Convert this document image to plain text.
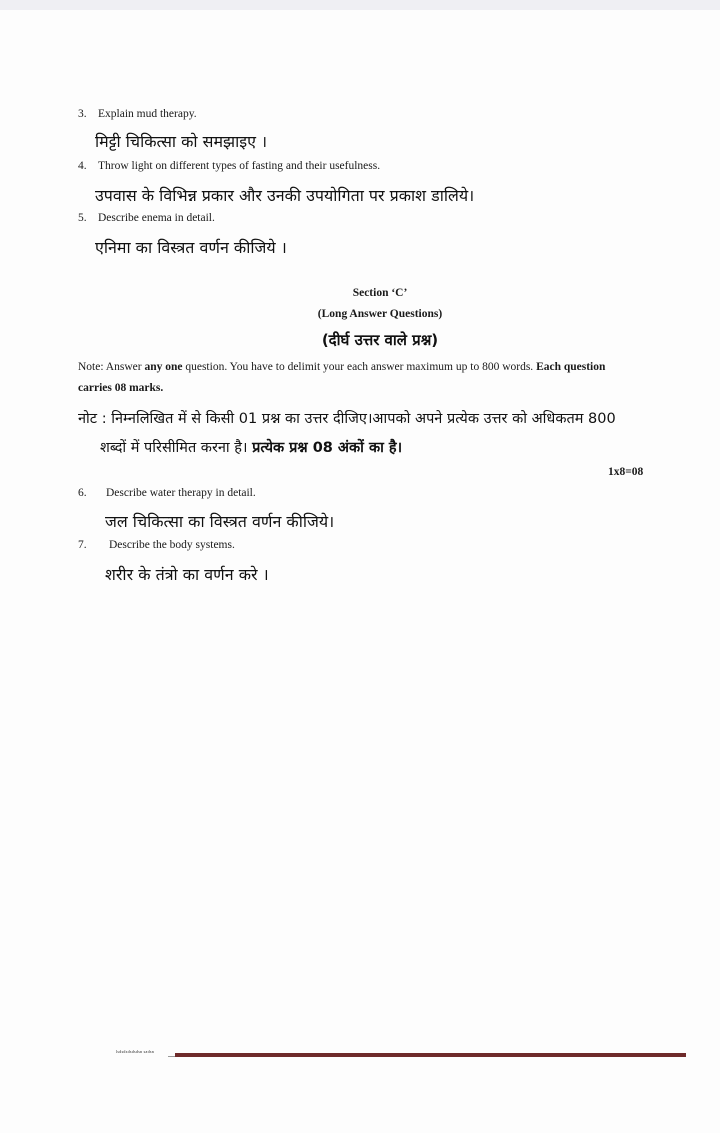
3. Explain mud therapy.
मिट्टी चिकित्सा को समझाइए ।
4. Throw light on different types of fasting and their usefulness.
उपवास के विभिन्न प्रकार और उनकी उपयोगिता पर प्रकाश डालिये।
5. Describe enema in detail.
एनिमा का विस्त्रत वर्णन कीजिये ।
Section ‘C’
(Long Answer Questions)
(दीर्घ उत्तर वाले प्रश्न)
Note: Answer any one question. You have to delimit your each answer maximum up to 800 words. Each question
carries 08 marks.
नोट : निम्नलिखित में से किसी 01 प्रश्न का उत्तर दीजिए।आपको अपने प्रत्येक उत्तर को अधिकतम 800
शब्दों में परिसीमित करना है। प्रत्येक प्रश्न 08 अंकों का है।
1x8=08
6. Describe water therapy in detail.
जल चिकित्सा का विस्त्रत वर्णन कीजिये।
7. Describe the body systems.
शरीर के तंत्रो का वर्णन करे ।
lsdsdsdsdsdsn sadsn
